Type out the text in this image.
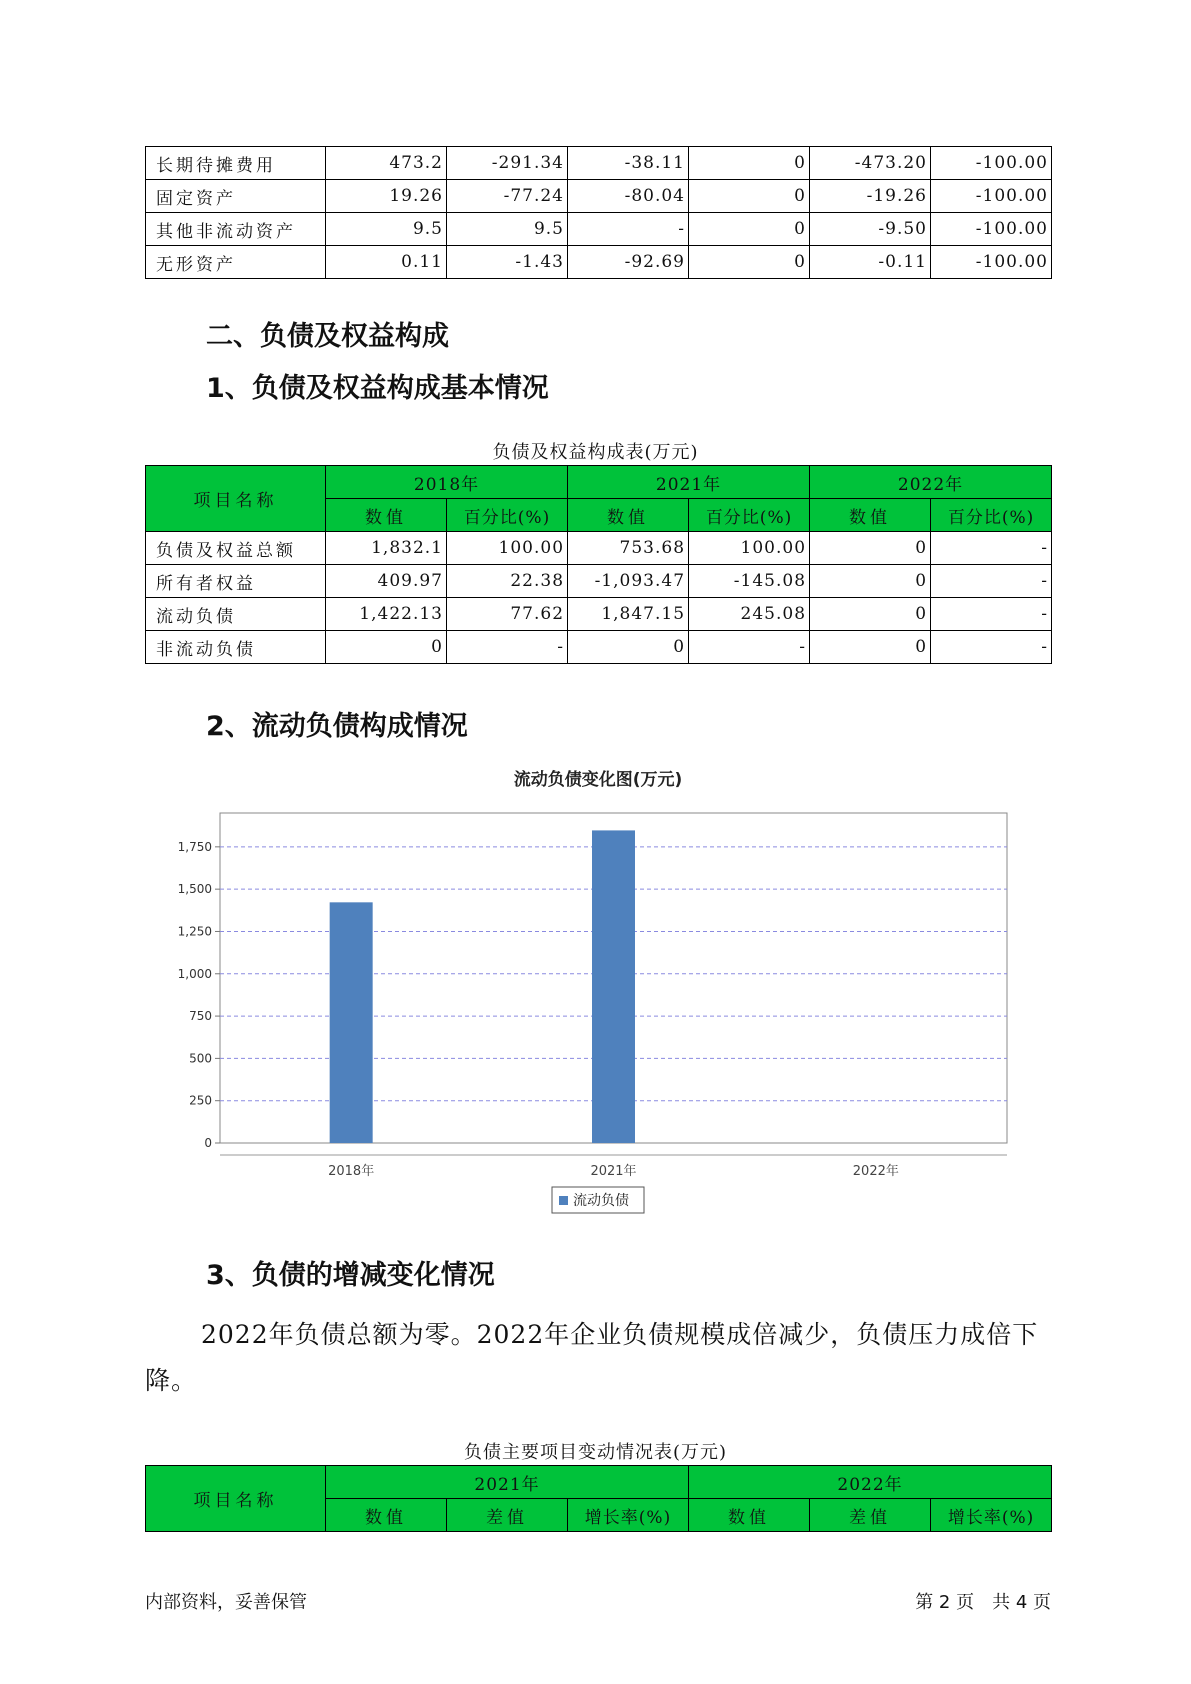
长期待摊费用	473.2	-291.34	-38.11	0	-473.20	-100.00
固定资产	19.26	-77.24	-80.04	0	-19.26	-100.00
其他非流动资产	9.5	9.5	-	0	-9.50	-100.00
无形资产	0.11	-1.43	-92.69	0	-0.11	-100.00
二、负债及权益构成
1、负债及权益构成基本情况
负债及权益构成表(万元)
项目名称	2018年		2021年		2022年	
	数值	百分比(%)	数值	百分比(%)	数值	百分比(%)
负债及权益总额	1,832.1	100.00	753.68	100.00	0	-
所有者权益	409.97	22.38	-1,093.47	-145.08	0	-
流动负债	1,422.13	77.62	1,847.15	245.08	0	-
非流动负债	0	-	0	-	0	-
2、流动负债构成情况
流动负债变化图(万元)
0
250
500
750
1,000
1,250
1,500
1,750
2018年	2021年	2022年
流动负债
3、负债的增减变化情况
2022年负债总额为零。2022年企业负债规模成倍减少，负债压力成倍下降。
负债主要项目变动情况表(万元)
项目名称	2021年			2022年		
	数值	差值	增长率(%)	数值	差值	增长率(%)
内部资料，妥善保管	第 2 页　共 4 页
